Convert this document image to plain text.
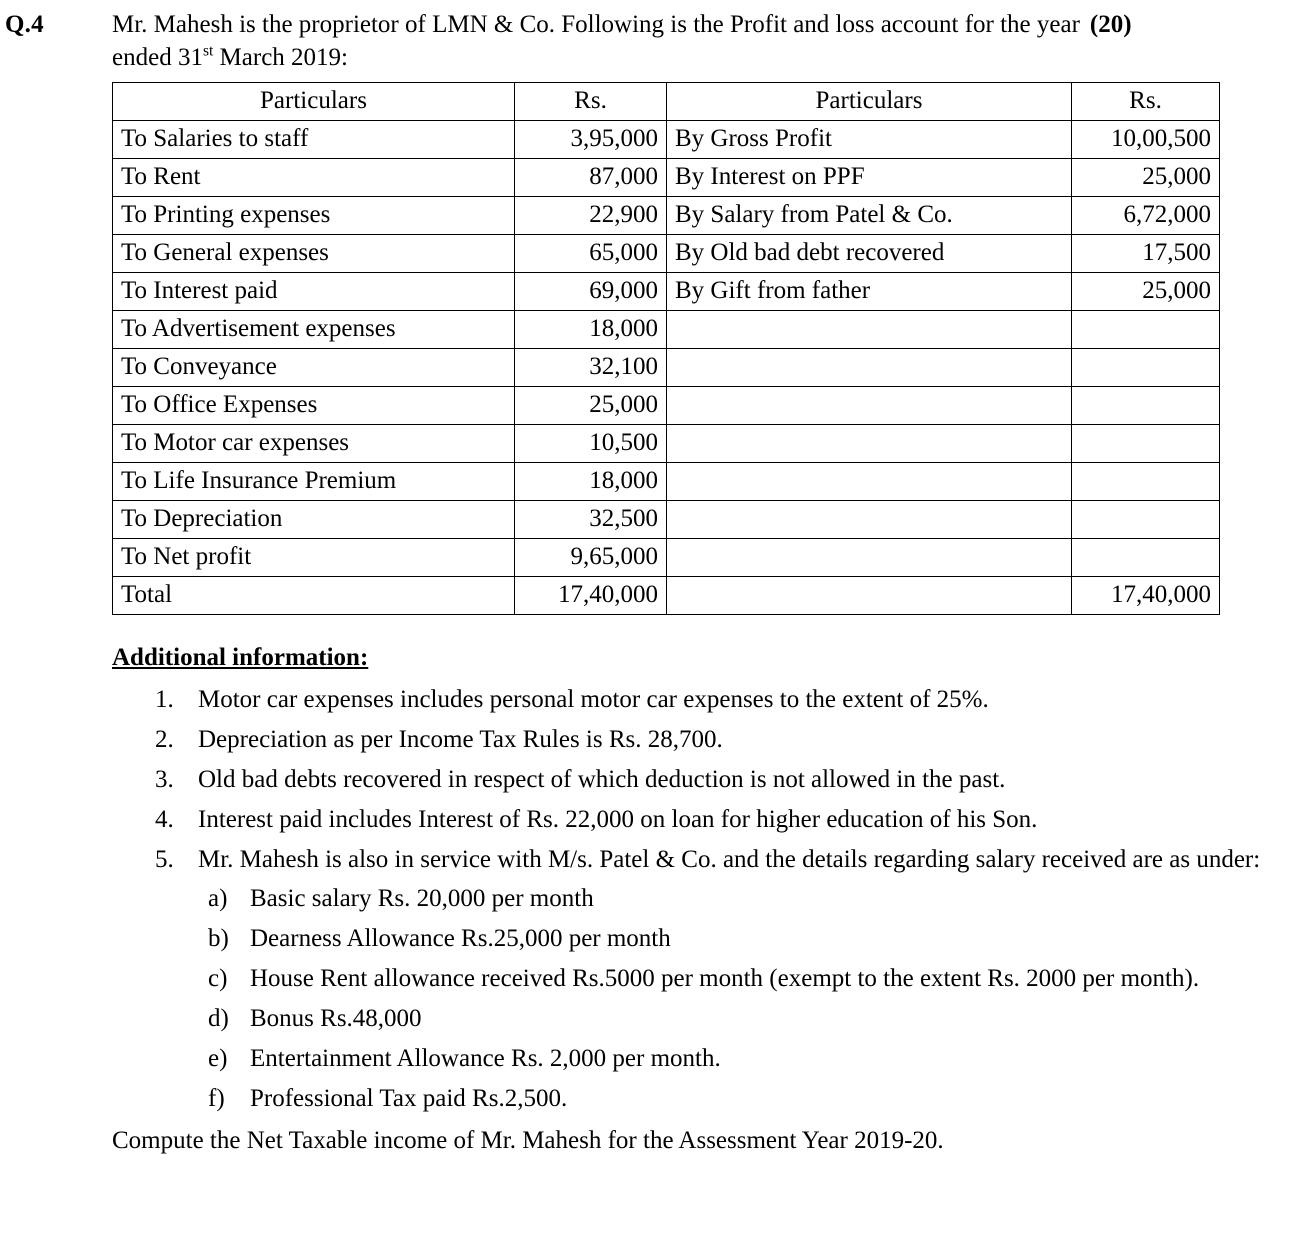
Q.4	Mr. Mahesh is the proprietor of LMN & Co. Following is the Profit and loss account for the year (20)
ended 31st March 2019:
Particulars	Rs.	Particulars	Rs.
To Salaries to staff	3,95,000	By Gross Profit	10,00,500
To Rent	87,000	By Interest on PPF	25,000
To Printing expenses	22,900	By Salary from Patel & Co.	6,72,000
To General expenses	65,000	By Old bad debt recovered	17,500
To Interest paid	69,000	By Gift from father	25,000
To Advertisement expenses	18,000		
To Conveyance	32,100		
To Office Expenses	25,000		
To Motor car expenses	10,500		
To Life Insurance Premium	18,000		
To Depreciation	32,500		
To Net profit	9,65,000		
Total	17,40,000		17,40,000
Additional information:
1. Motor car expenses includes personal motor car expenses to the extent of 25%.
2. Depreciation as per Income Tax Rules is Rs. 28,700.
3. Old bad debts recovered in respect of which deduction is not allowed in the past.
4. Interest paid includes Interest of Rs. 22,000 on loan for higher education of his Son.
5. Mr. Mahesh is also in service with M/s. Patel & Co. and the details regarding salary received are as under:
a) Basic salary Rs. 20,000 per month
b) Dearness Allowance Rs.25,000 per month
c) House Rent allowance received Rs.5000 per month (exempt to the extent Rs. 2000 per month).
d) Bonus Rs.48,000
e) Entertainment Allowance Rs. 2,000 per month.
f)	Professional Tax paid Rs.2,500.
Compute the Net Taxable income of Mr. Mahesh for the Assessment Year 2019-20.
